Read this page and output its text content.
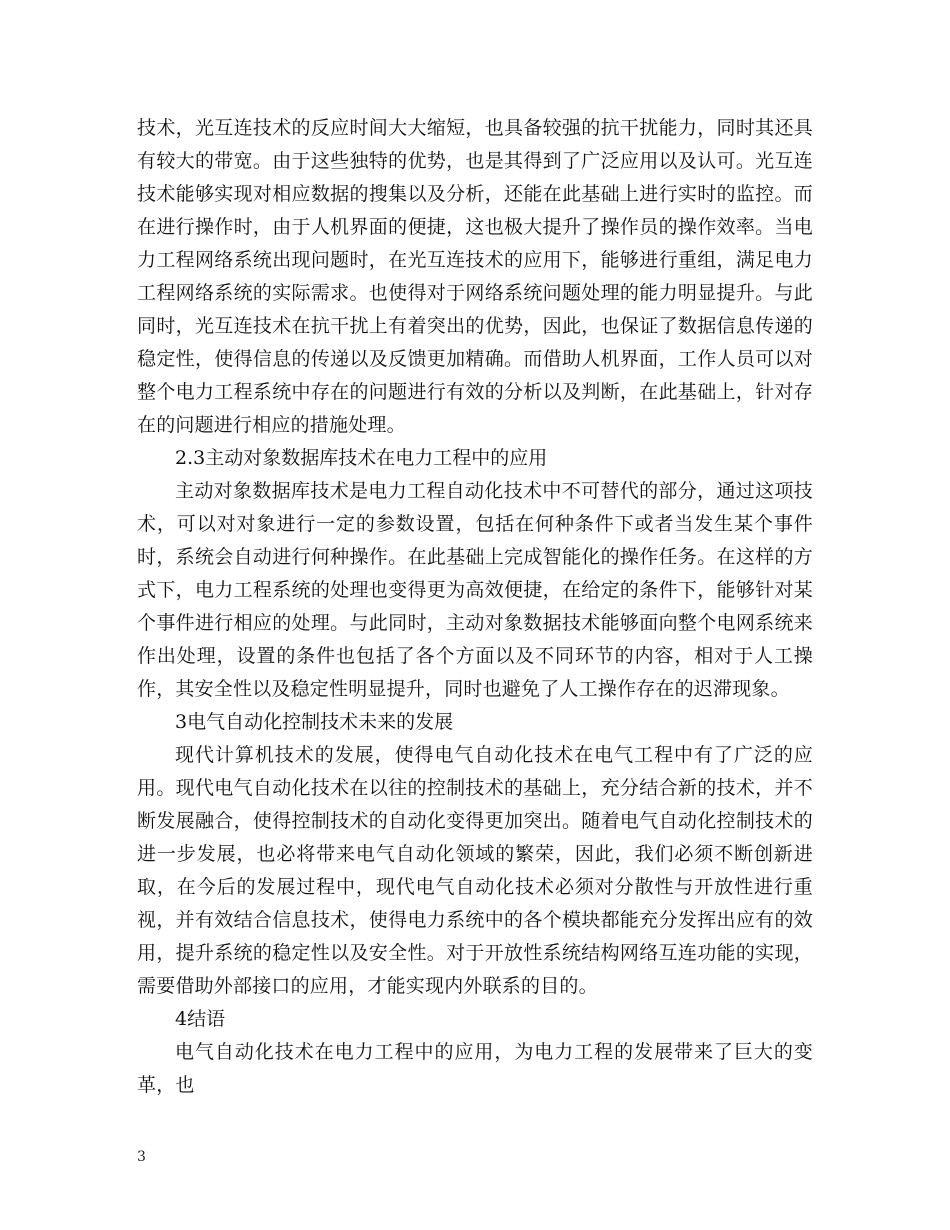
技术，光互连技术的反应时间大大缩短，也具备较强的抗干扰能力，同时其还具有较大的带宽。由于这些独特的优势，也是其得到了广泛应用以及认可。光互连技术能够实现对相应数据的搜集以及分析，还能在此基础上进行实时的监控。而在进行操作时，由于人机界面的便捷，这也极大提升了操作员的操作效率。当电力工程网络系统出现问题时，在光互连技术的应用下，能够进行重组，满足电力工程网络系统的实际需求。也使得对于网络系统问题处理的能力明显提升。与此同时，光互连技术在抗干扰上有着突出的优势，因此，也保证了数据信息传递的稳定性，使得信息的传递以及反馈更加精确。而借助人机界面，工作人员可以对整个电力工程系统中存在的问题进行有效的分析以及判断，在此基础上，针对存在的问题进行相应的措施处理。

2.3主动对象数据库技术在电力工程中的应用

主动对象数据库技术是电力工程自动化技术中不可替代的部分，通过这项技术，可以对对象进行一定的参数设置，包括在何种条件下或者当发生某个事件时，系统会自动进行何种操作。在此基础上完成智能化的操作任务。在这样的方式下，电力工程系统的处理也变得更为高效便捷，在给定的条件下，能够针对某个事件进行相应的处理。与此同时，主动对象数据技术能够面向整个电网系统来作出处理，设置的条件也包括了各个方面以及不同环节的内容，相对于人工操作，其安全性以及稳定性明显提升，同时也避免了人工操作存在的迟滞现象。

3电气自动化控制技术未来的发展

现代计算机技术的发展，使得电气自动化技术在电气工程中有了广泛的应用。现代电气自动化技术在以往的控制技术的基础上，充分结合新的技术，并不断发展融合，使得控制技术的自动化变得更加突出。随着电气自动化控制技术的进一步发展，也必将带来电气自动化领域的繁荣，因此，我们必须不断创新进取，在今后的发展过程中，现代电气自动化技术必须对分散性与开放性进行重视，并有效结合信息技术，使得电力系统中的各个模块都能充分发挥出应有的效用，提升系统的稳定性以及安全性。对于开放性系统结构网络互连功能的实现，需要借助外部接口的应用，才能实现内外联系的目的。

4结语

电气自动化技术在电力工程中的应用，为电力工程的发展带来了巨大的变革，也

3
